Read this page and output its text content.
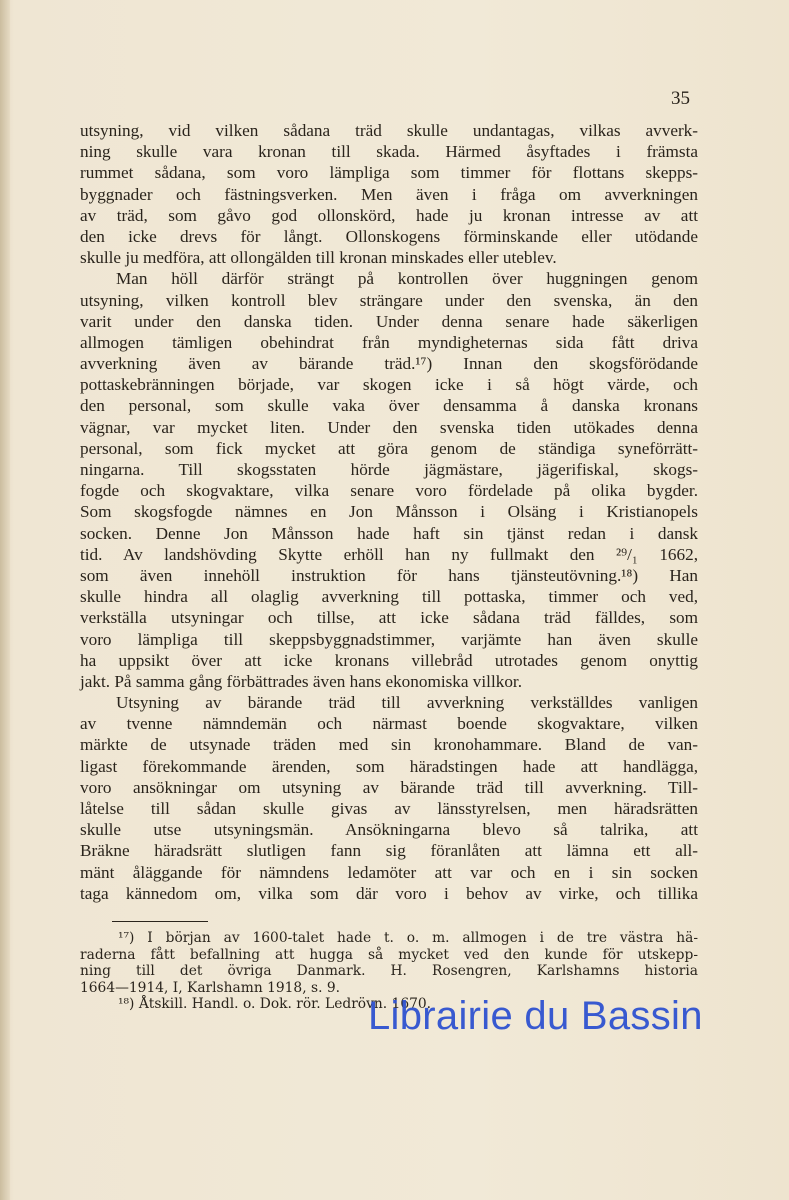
35
utsyning, vid vilken sådana träd skulle undantagas, vilkas avverk-
ning skulle vara kronan till skada. Härmed åsyftades i främsta
rummet sådana, som voro lämpliga som timmer för flottans skepps-
byggnader och fästningsverken. Men även i fråga om avverkningen
av träd, som gåvo god ollonskörd, hade ju kronan intresse av att
den icke drevs för långt. Ollonskogens förminskande eller utödande
skulle ju medföra, att ollongälden till kronan minskades eller uteblev.
Man höll därför strängt på kontrollen över huggningen genom
utsyning, vilken kontroll blev strängare under den svenska, än den
varit under den danska tiden. Under denna senare hade säkerligen
allmogen tämligen obehindrat från myndigheternas sida fått driva
avverkning även av bärande träd.¹⁷) Innan den skogsförödande
pottaskebränningen började, var skogen icke i så högt värde, och
den personal, som skulle vaka över densamma å danska kronans
vägnar, var mycket liten. Under den svenska tiden utökades denna
personal, som fick mycket att göra genom de ständiga syneförrätt-
ningarna. Till skogsstaten hörde jägmästare, jägerifiskal, skogs-
fogde och skogvaktare, vilka senare voro fördelade på olika bygder.
Som skogsfogde nämnes en Jon Månsson i Olsäng i Kristianopels
socken. Denne Jon Månsson hade haft sin tjänst redan i dansk
tid. Av landshövding Skytte erhöll han ny fullmakt den ²⁹/₁ 1662,
som även innehöll instruktion för hans tjänsteutövning.¹⁸) Han
skulle hindra all olaglig avverkning till pottaska, timmer och ved,
verkställa utsyningar och tillse, att icke sådana träd fälldes, som
voro lämpliga till skeppsbyggnadstimmer, varjämte han även skulle
ha uppsikt över att icke kronans villebråd utrotades genom onyttig
jakt. På samma gång förbättrades även hans ekonomiska villkor.
Utsyning av bärande träd till avverkning verkställdes vanligen
av tvenne nämndemän och närmast boende skogvaktare, vilken
märkte de utsynade träden med sin kronohammare. Bland de van-
ligast förekommande ärenden, som häradstingen hade att handlägga,
voro ansökningar om utsyning av bärande träd till avverkning. Till-
låtelse till sådan skulle givas av länsstyrelsen, men häradsrätten
skulle utse utsyningsmän. Ansökningarna blevo så talrika, att
Bräkne häradsrätt slutligen fann sig föranlåten att lämna ett all-
mänt åläggande för nämndens ledamöter att var och en i sin socken
taga kännedom om, vilka som där voro i behov av virke, och tillika
¹⁷) I början av 1600-talet hade t. o. m. allmogen i de tre västra hä-
raderna fått befallning att hugga så mycket ved den kunde för utskepp-
ning till det övriga Danmark. H. Rosengren, Karlshamns historia
1664—1914, I, Karlshamn 1918, s. 9.
¹⁸) Åtskill. Handl. o. Dok. rör. Ledrövn. 1670.
Librairie du Bassin
